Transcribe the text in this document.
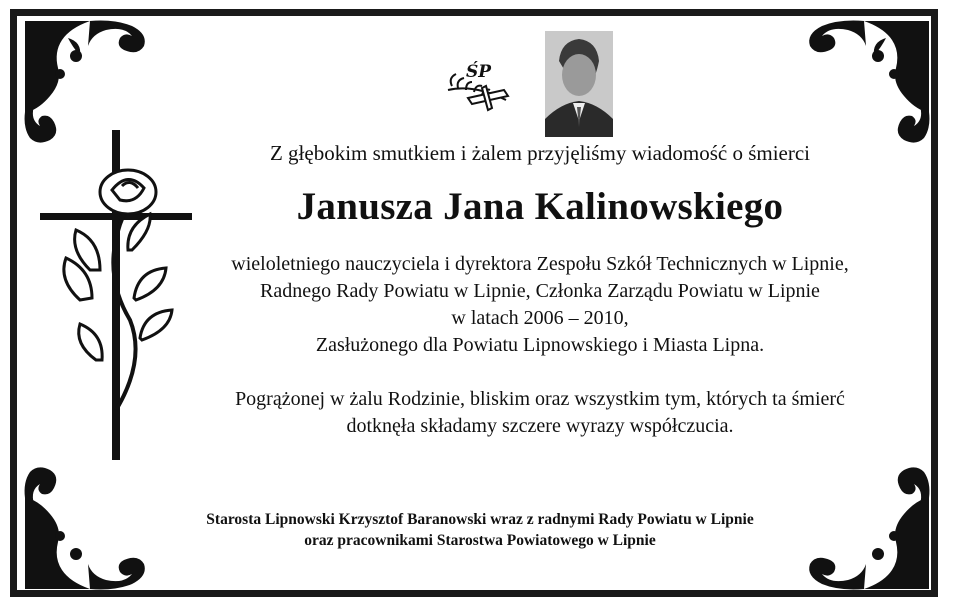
ŚP
Z głębokim smutkiem i żalem przyjęliśmy wiadomość o śmierci
Janusza Jana Kalinowskiego
wieloletniego nauczyciela i dyrektora Zespołu Szkół Technicznych w Lipnie,
Radnego Rady Powiatu w Lipnie, Członka Zarządu Powiatu w Lipnie
w latach 2006 – 2010,
Zasłużonego dla Powiatu Lipnowskiego i Miasta Lipna.
Pogrążonej w żalu Rodzinie, bliskim oraz wszystkim tym, których ta śmierć
dotknęła składamy szczere wyrazy współczucia.
Starosta Lipnowski Krzysztof Baranowski wraz z radnymi Rady Powiatu w Lipnie
oraz pracownikami Starostwa Powiatowego w Lipnie
